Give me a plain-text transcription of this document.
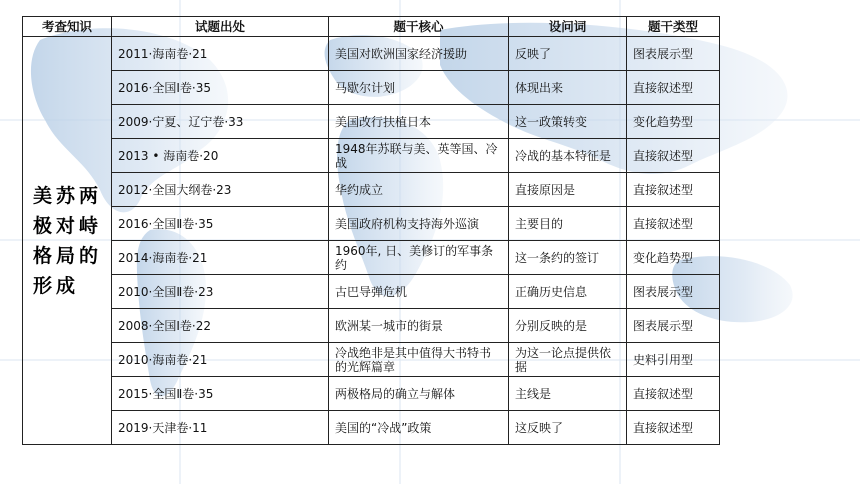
考查知识	试题出处	题干核心	设问词	题干类型
美苏两极对峙格局的形成	2011·海南卷·21	美国对欧洲国家经济援助	反映了	图表展示型
	2016·全国Ⅰ卷·35	马歇尔计划	体现出来	直接叙述型
	2009·宁夏、辽宁卷·33	美国改行扶植日本	这一政策转变	变化趋势型
	2013 • 海南卷·20	1948年苏联与美、英等国、冷战	冷战的基本特征是	直接叙述型
	2012·全国大纲卷·23	华约成立	直接原因是	直接叙述型
	2016·全国Ⅱ卷·35	美国政府机构支持海外巡演	主要目的	直接叙述型
	2014·海南卷·21	1960年, 日、美修订的军事条约	这一条约的签订	变化趋势型
	2010·全国Ⅱ卷·23	古巴导弹危机	正确历史信息	图表展示型
	2008·全国Ⅰ卷·22	欧洲某一城市的街景	分别反映的是	图表展示型
	2010·海南卷·21	冷战绝非是其中值得大书特书的光辉篇章	为这一论点提供依据	史料引用型
	2015·全国Ⅱ卷·35	两极格局的确立与解体	主线是	直接叙述型
	2019·天津卷·11	美国的“冷战”政策	这反映了	直接叙述型
